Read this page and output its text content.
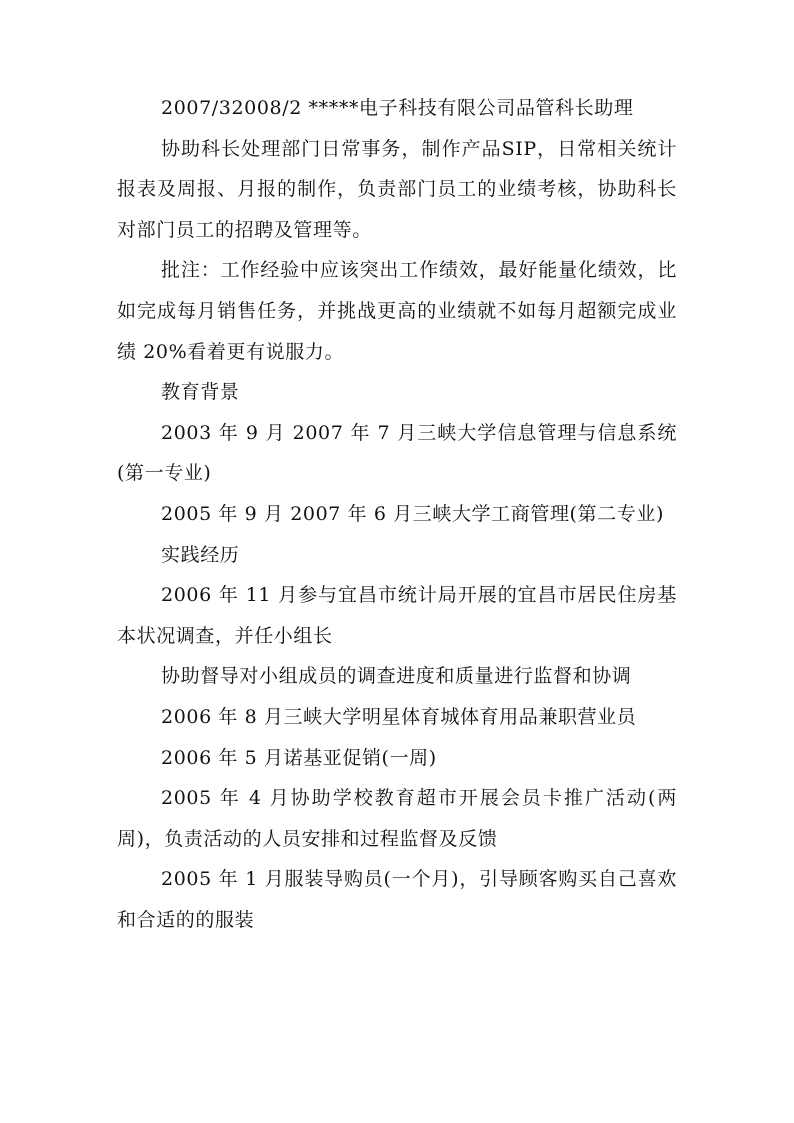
2007/32008/2 *****电子科技有限公司品管科长助理

协助科长处理部门日常事务，制作产品SIP，日常相关统计报表及周报、月报的制作，负责部门员工的业绩考核，协助科长对部门员工的招聘及管理等。

批注：工作经验中应该突出工作绩效，最好能量化绩效，比如完成每月销售任务，并挑战更高的业绩就不如每月超额完成业绩 20%看着更有说服力。

教育背景

2003 年 9 月 2007 年 7 月三峡大学信息管理与信息系统(第一专业)

2005 年 9 月 2007 年 6 月三峡大学工商管理(第二专业)

实践经历

2006 年 11 月参与宜昌市统计局开展的宜昌市居民住房基本状况调查，并任小组长

协助督导对小组成员的调查进度和质量进行监督和协调

2006 年 8 月三峡大学明星体育城体育用品兼职营业员

2006 年 5 月诺基亚促销(一周)

2005 年 4 月协助学校教育超市开展会员卡推广活动(两周)，负责活动的人员安排和过程监督及反馈

2005 年 1 月服装导购员(一个月)，引导顾客购买自己喜欢和合适的的服装
